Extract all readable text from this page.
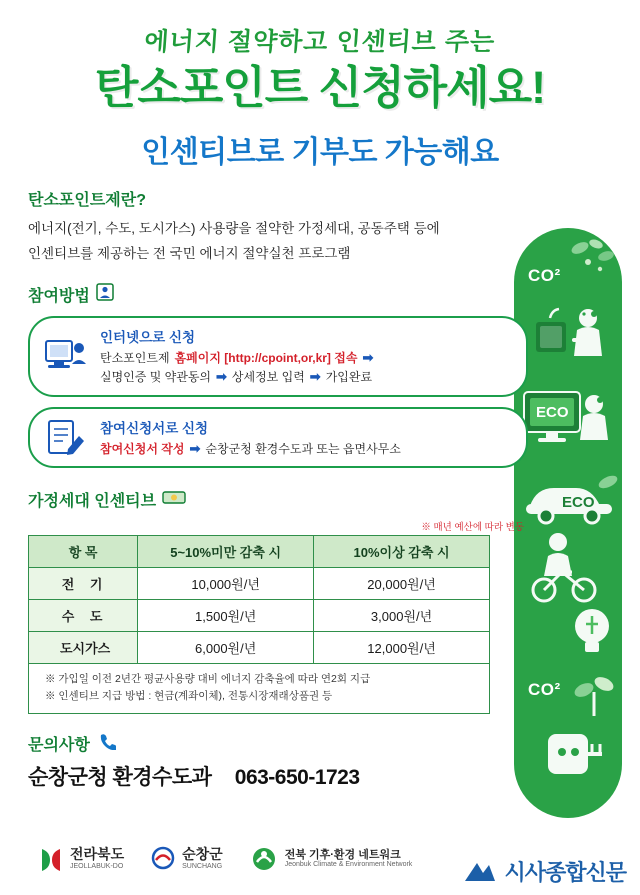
에너지 절약하고 인센티브 주는
탄소포인트 신청하세요!
인센티브로 기부도 가능해요
CO²
ECO
ECO
CO²
탄소포인트제란?

에너지(전기, 수도, 도시가스) 사용량을 절약한 가정세대, 공동주택 등에

인센티브를 제공하는 전 국민 에너지 절약실천 프로그램

참여방법
인터넷으로 신청
탄소포인트제 홈페이지 [http://cpoint,or,kr] 접속 ➡
실명인증 및 약관동의 ➡ 상세정보 입력 ➡ 가입완료
참여신청서로 신청
참여신청서 작성 ➡ 순창군청 환경수도과 또는 읍면사무소
가정세대 인센티브
※ 매년 예산에 따라 변동
항 목	5~10%미만 감축 시	10%이상 감축 시
전 기	10,000원/년	20,000원/년
수 도	1,500원/년	3,000원/년
도시가스	6,000원/년	12,000원/년
※ 가입일 이전 2년간 평균사용량 대비 에너지 감축율에 따라 연2회 지급
※ 인센티브 지급 방법 : 현금(계좌이체), 전통시장재래상품권 등
문의사항
순창군청 환경수도과 063-650-1723
전라북도
JEOLLABUK-DO
순창군
SUNCHANG
전북 기후·환경 네트워크
Jeonbuk Climate & Environment Network	시사종합신문
